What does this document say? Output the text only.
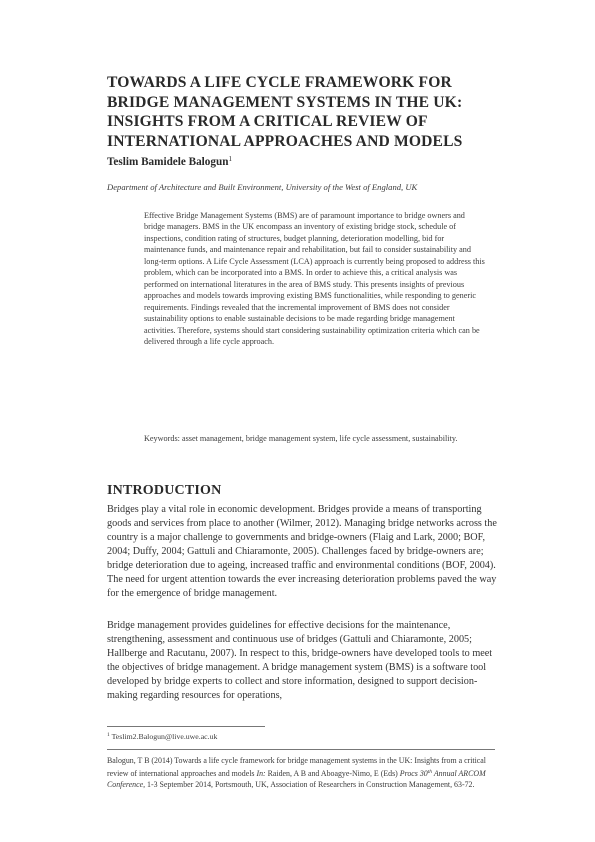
TOWARDS A LIFE CYCLE FRAMEWORK FOR BRIDGE MANAGEMENT SYSTEMS IN THE UK: INSIGHTS FROM A CRITICAL REVIEW OF INTERNATIONAL APPROACHES AND MODELS

Teslim Bamidele Balogun$^1$

Department of Architecture and Built Environment, University of the West of England, UK

Effective Bridge Management Systems (BMS) are of paramount importance to bridge owners and bridge managers. BMS in the UK encompass an inventory of existing bridge stock, schedule of inspections, condition rating of structures, budget planning, deterioration modelling, bid for maintenance funds, and maintenance repair and rehabilitation, but fail to consider sustainability and long-term options. A Life Cycle Assessment (LCA) approach is currently being proposed to address this problem, which can be incorporated into a BMS. In order to achieve this, a critical analysis was performed on international literatures in the area of BMS study. This presents insights of previous approaches and models towards improving existing BMS functionalities, while responding to generic requirements. Findings revealed that the incremental improvement of BMS does not consider sustainability options to enable sustainable decisions to be made regarding bridge management activities. Therefore, systems should start considering sustainability optimization criteria which can be delivered through a life cycle approach.

Keywords: asset management, bridge management system, life cycle assessment, sustainability.

INTRODUCTION

Bridges play a vital role in economic development. Bridges provide a means of transporting goods and services from place to another (Wilmer, 2012). Managing bridge networks across the country is a major challenge to governments and bridge-owners (Flaig and Lark, 2000; BOF, 2004; Duffy, 2004; Gattuli and Chiaramonte, 2005). Challenges faced by bridge-owners are; bridge deterioration due to ageing, increased traffic and environmental conditions (BOF, 2004). The need for urgent attention towards the ever increasing deterioration problems paved the way for the emergence of bridge management.

Bridge management provides guidelines for effective decisions for the maintenance, strengthening, assessment and continuous use of bridges (Gattuli and Chiaramonte, 2005; Hallberge and Racutanu, 2007). In respect to this, bridge-owners have developed tools to meet the objectives of bridge management. A bridge management system (BMS) is a software tool developed by bridge experts to collect and store information, designed to support decision-making regarding resources for operations,

$^1$ Teslim2.Balogun@live.uwe.ac.uk

Balogun, T B (2014) Towards a life cycle framework for bridge management systems in the UK: Insights from a critical review of international approaches and models In: Raiden, A B and Aboagye-Nimo, E (Eds) Procs 30th Annual ARCOM Conference, 1-3 September 2014, Portsmouth, UK, Association of Researchers in Construction Management, 63-72.
